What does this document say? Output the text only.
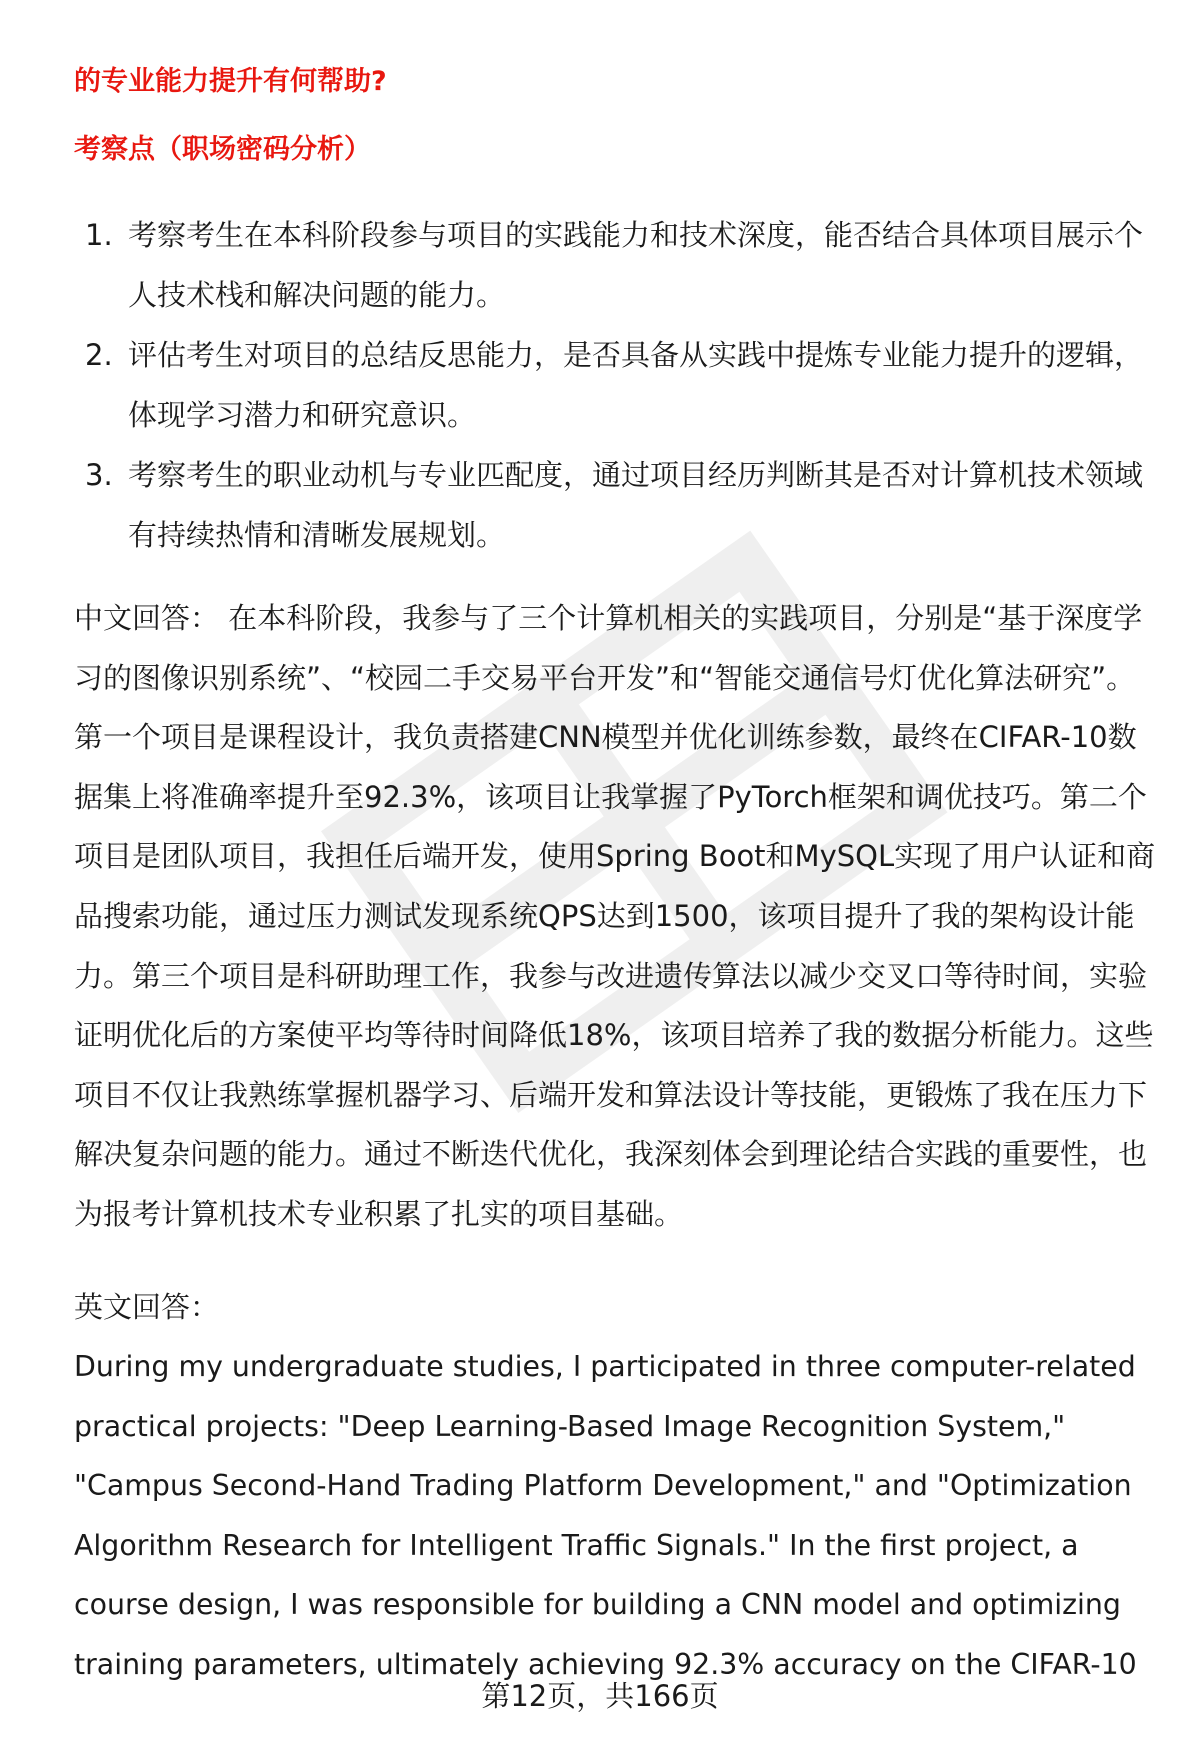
的专业能力提升有何帮助?
考察点（职场密码分析）
1. 考察考生在本科阶段参与项目的实践能力和技术深度，能否结合具体项目展示个人技术栈和解决问题的能力。
2. 评估考生对项目的总结反思能力，是否具备从实践中提炼专业能力提升的逻辑，体现学习潜力和研究意识。
3. 考察考生的职业动机与专业匹配度，通过项目经历判断其是否对计算机技术领域有持续热情和清晰发展规划。

中文回答： 在本科阶段，我参与了三个计算机相关的实践项目，分别是“基于深度学习的图像识别系统”、“校园二手交易平台开发”和“智能交通信号灯优化算法研究”。第一个项目是课程设计，我负责搭建CNN模型并优化训练参数，最终在CIFAR-10数据集上将准确率提升至92.3%，该项目让我掌握了PyTorch框架和调优技巧。第二个项目是团队项目，我担任后端开发，使用Spring Boot和MySQL实现了用户认证和商品搜索功能，通过压力测试发现系统QPS达到1500，该项目提升了我的架构设计能力。第三个项目是科研助理工作，我参与改进遗传算法以减少交叉口等待时间，实验证明优化后的方案使平均等待时间降低18%，该项目培养了我的数据分析能力。这些项目不仅让我熟练掌握机器学习、后端开发和算法设计等技能，更锻炼了我在压力下解决复杂问题的能力。通过不断迭代优化，我深刻体会到理论结合实践的重要性，也为报考计算机技术专业积累了扎实的项目基础。

英文回答：

During my undergraduate studies, I participated in three computer-related practical projects: "Deep Learning-Based Image Recognition System," "Campus Second-Hand Trading Platform Development," and "Optimization Algorithm Research for Intelligent Traffic Signals." In the first project, a course design, I was responsible for building a CNN model and optimizing training parameters, ultimately achieving 92.3% accuracy on the CIFAR-10

第12页，共166页
